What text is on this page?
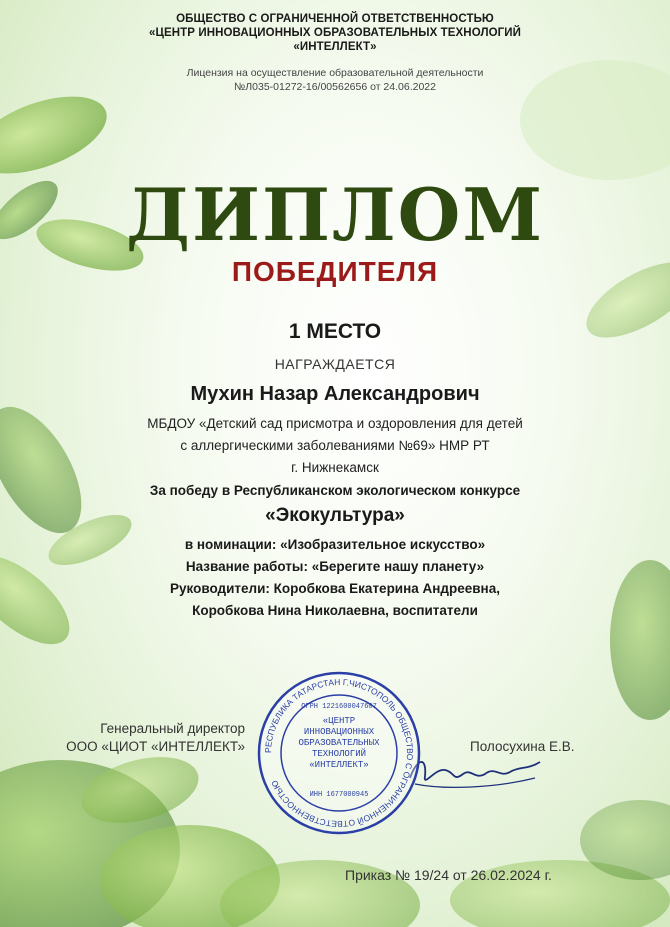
ОБЩЕСТВО С ОГРАНИЧЕННОЙ ОТВЕТСТВЕННОСТЬЮ
«ЦЕНТР ИННОВАЦИОННЫХ ОБРАЗОВАТЕЛЬНЫХ ТЕХНОЛОГИЙ
«ИНТЕЛЛЕКТ»
Лицензия на осуществление образовательной деятельности
№Л035-01272-16/00562656 от 24.06.2022
ДИПЛОМ
ПОБЕДИТЕЛЯ
1 МЕСТО
НАГРАЖДАЕТСЯ
Мухин Назар Александрович
МБДОУ «Детский сад присмотра и оздоровления для детей
с аллергическими заболеваниями №69» НМР РТ
г. Нижнекамск
За победу в Республиканском экологическом конкурсе
«Экокультура»
в номинации: «Изобразительное искусство»
Название работы: «Берегите нашу планету»
Руководители: Коробкова Екатерина Андреевна,
Коробкова Нина Николаевна, воспитатели
Генеральный директор
ООО «ЦИОТ «ИНТЕЛЛЕКТ»	Полосухина Е.В.
РЕСПУБЛИКА ТАТАРСТАН Г.ЧИСТОПОЛЬ ОБЩЕСТВО С ОГРАНИЧЕННОЙ ОТВЕТСТВЕННОСТЬЮ
ОГРН 1221600047607
«ЦЕНТР ИННОВАЦИОННЫХ ОБРАЗОВАТЕЛЬНЫХ ТЕХНОЛОГИЙ «ИНТЕЛЛЕКТ»
ИНН 1677000945
Приказ № 19/24 от 26.02.2024 г.
